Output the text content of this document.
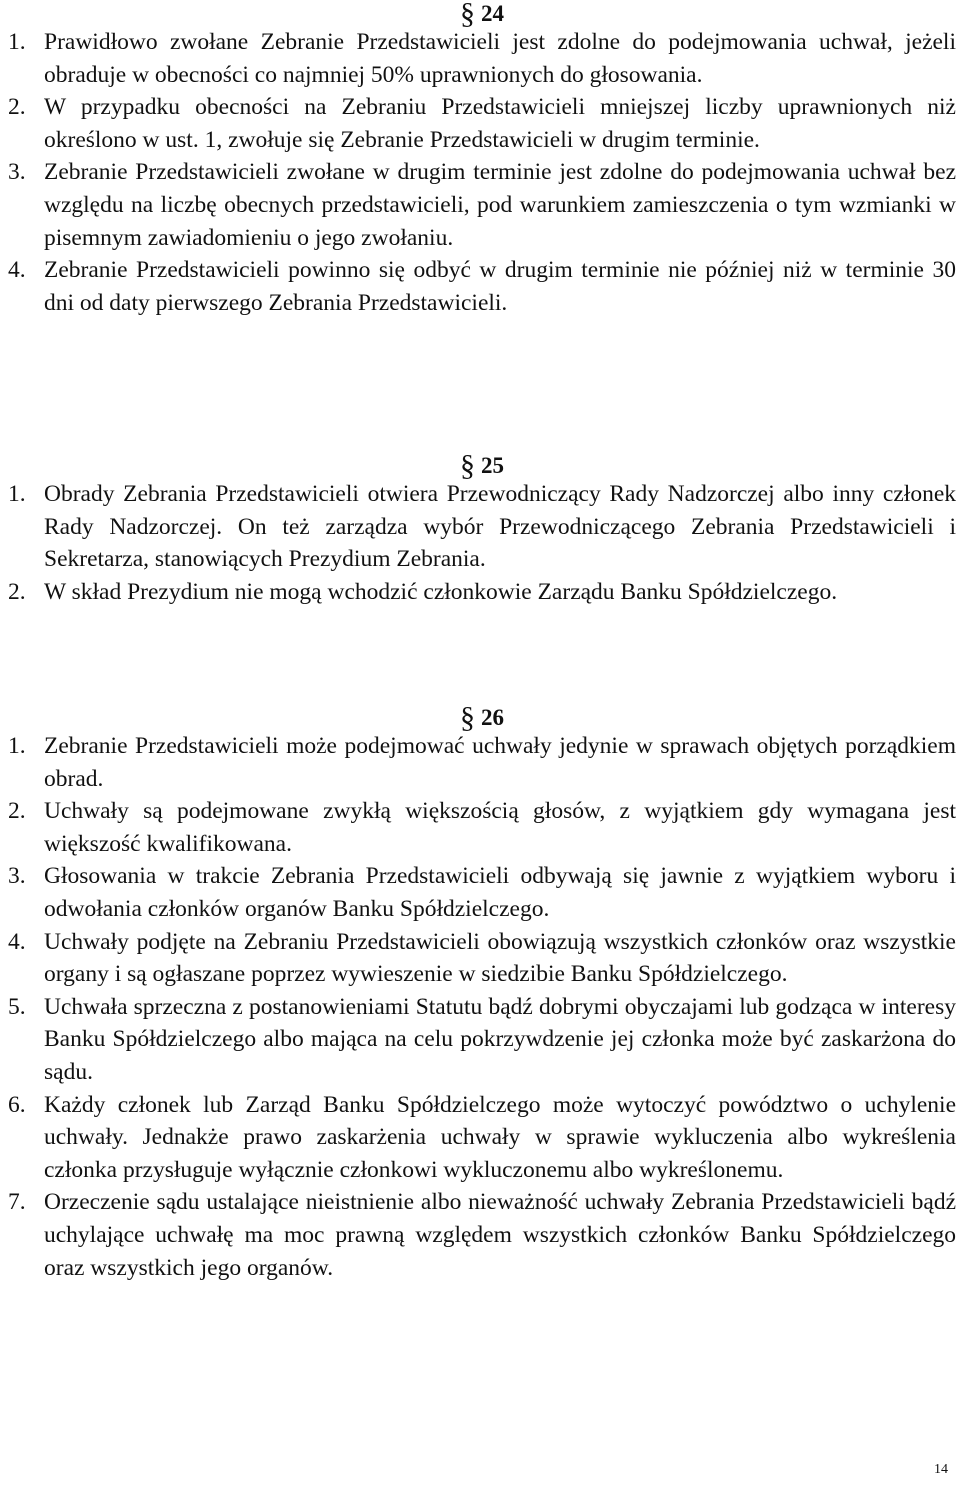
§ 24
1. Prawidłowo zwołane Zebranie Przedstawicieli jest zdolne do podejmowania uchwał, jeżeli obraduje w obecności co najmniej 50% uprawnionych do głosowania.
2. W przypadku obecności na Zebraniu Przedstawicieli mniejszej liczby uprawnionych niż określono w ust. 1, zwołuje się Zebranie Przedstawicieli w drugim terminie.
3. Zebranie Przedstawicieli zwołane w drugim terminie jest zdolne do podejmowania uchwał bez względu na liczbę obecnych przedstawicieli, pod warunkiem zamieszczenia o tym wzmianki w pisemnym zawiadomieniu o jego zwołaniu.
4. Zebranie Przedstawicieli powinno się odbyć w drugim terminie nie później niż w terminie 30 dni od daty pierwszego Zebrania Przedstawicieli.
§ 25
1. Obrady Zebrania Przedstawicieli otwiera Przewodniczący Rady Nadzorczej albo inny członek Rady Nadzorczej. On też zarządza wybór Przewodniczącego Zebrania Przedstawicieli i Sekretarza, stanowiących Prezydium Zebrania.
2. W skład Prezydium nie mogą wchodzić członkowie Zarządu Banku Spółdzielczego.
§ 26
1. Zebranie Przedstawicieli może podejmować uchwały jedynie w sprawach objętych porządkiem obrad.
2. Uchwały są podejmowane zwykłą większością głosów, z wyjątkiem gdy wymagana jest większość kwalifikowana.
3. Głosowania w trakcie Zebrania Przedstawicieli odbywają się jawnie z wyjątkiem wyboru i odwołania członków organów Banku Spółdzielczego.
4. Uchwały podjęte na Zebraniu Przedstawicieli obowiązują wszystkich członków oraz wszystkie organy i są ogłaszane poprzez wywieszenie w siedzibie Banku Spółdzielczego.
5. Uchwała sprzeczna z postanowieniami Statutu bądź dobrymi obyczajami lub godząca w interesy Banku Spółdzielczego albo mająca na celu pokrzywdzenie jej członka może być zaskarżona do sądu.
6. Każdy członek lub Zarząd Banku Spółdzielczego może wytoczyć powództwo o uchylenie uchwały. Jednakże prawo zaskarżenia uchwały w sprawie wykluczenia albo wykreślenia członka przysługuje wyłącznie członkowi wykluczonemu albo wykreślonemu.
7. Orzeczenie sądu ustalające nieistnienie albo nieważność uchwały Zebrania Przedstawicieli bądź uchylające uchwałę ma moc prawną względem wszystkich członków Banku Spółdzielczego oraz wszystkich jego organów.
14
